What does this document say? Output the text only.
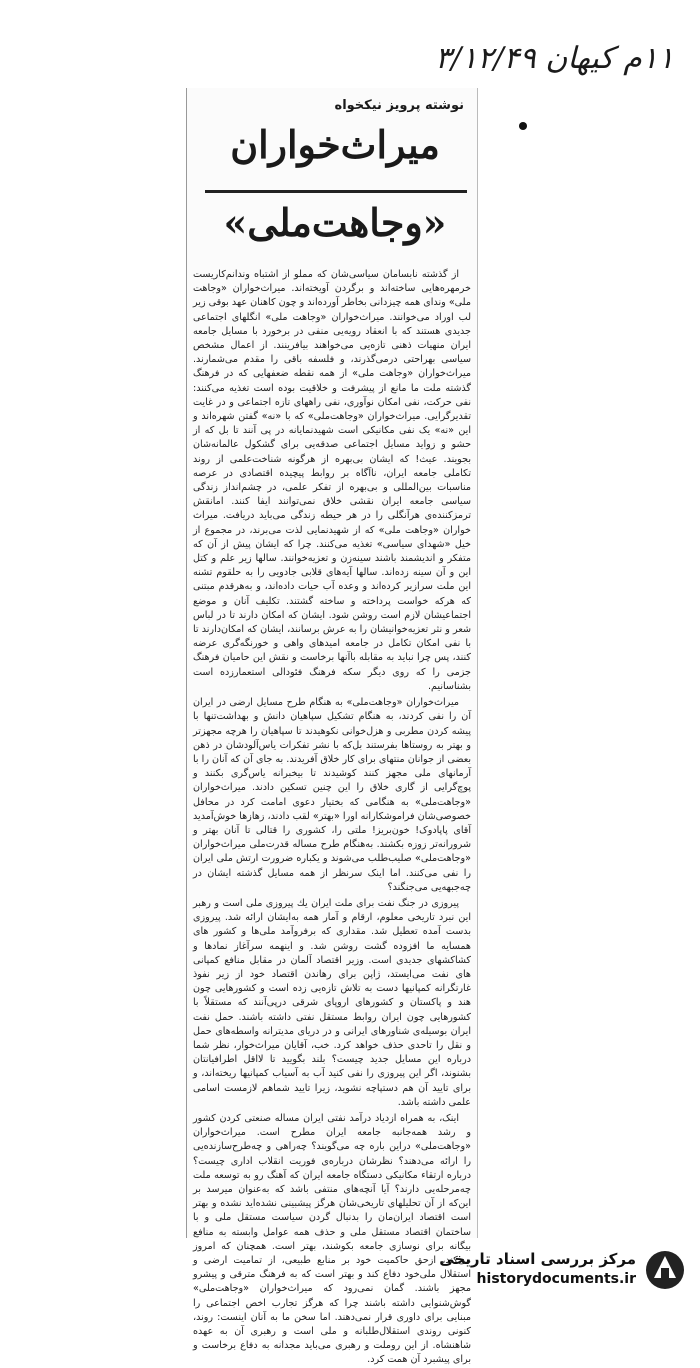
۱۱م کیهان ۳/۱۲/۴۹
نوشته پرویز نیکخواه
میراث‌خواران
«وجاهت‌ملی»

از گذشته نابسامان سیاسی‌شان که مملو از اشتباه وندانم‌کاریست خرمهره‌هایی ساخته‌اند و برگردن آویخته‌اند. میراث‌خواران «وجاهت ملی» وندای همه چیزدانی بخاطر آورده‌اند و چون کاهنان عهد بوقی زیر لب اوراد می‌خوانند. میراث‌خواران «وجاهت ملی» انگلهای اجتماعی جدیدی هستند که با انعقاد رویه‌یی منفی در برخورد با مسایل جامعه ایران منهیات ذهنی تازه‌یی می‌خواهند بیافرینند. از اعمال مشخص سیاسی بهراحتی درمی‌گذرند، و فلسفه باقی را مقدم می‌شمارند. میراث‌خواران «وجاهت ملی» از همه نقطه ضعفهایی که در فرهنگ گذشته ملت ما مانع از پیشرفت و خلاقیت بوده است تغذیه می‌کنند: نفی حرکت، نفی امکان نوآوری، نفی راههای تازه اجتماعی و در غایت تقدیرگرایی. میراث‌خواران «وجاهت‌ملی» که با «نه» گفتن شهره‌اند و این «نه» یک نفی مکانیکی است شهیدنمایانه در پی آنند تا بل که از حشو و زواید مسایل اجتماعی صدقه‌یی برای گشکول عالمانه‌شان بجویند. عیث! که ایشان بی‌بهره از هرگونه شناخت‌علمی از روند تکاملی جامعه ایران، ناآگاه بر روابط پیچیده اقتصادی در عرصه مناسبات بین‌المللی و بی‌بهره از تفکر علمی، در چشم‌انداز زندگی سیاسی جامعه ایران نقشی خلاق نمی‌توانند ایفا کنند. امانقش ترمزکننده‌ی هرآنگلی را در هر حیطه زندگی می‌باید دریافت. میراث خواران «وجاهت ملی» که از شهیدنمایی لذت می‌برند، در مجموع از خیل «شهدای سیاسی» تغذیه می‌کنند. چرا که ایشان پیش از آن که متفکر و اندیشمند باشند سینه‌زن و تعزیه‌خوانند. سالها زیر علم و کتل این و آن سینه زده‌اند. سالها آیه‌های قلابی جادویی را به حلقوم تشنه این ملت سرازیر کرده‌اند و وعده آب حیات داده‌اند، و به‌هرقدم مبتنی که هرکه خواست پرداخته و ساخته گشتند. تکلیف آنان و موضع اجتماعیشان لازم است روشن شود. ایشان که امکان دارند تا در لباس شعر و نثر تعزیه‌خوانیشان را به عرش برسانند، ایشان که امکان‌دارند تا با نفی امکان تکامل در جامعه امیدهای واهی و خورنگه‌گری عرضه کنند، پس چرا نباید به مقابله باآنها برخاست و نقش این حامیان فرهنگ جزمی را که روی دیگر سکه فرهنگ فئودالی استعمارزده است بشناسانیم.

میراث‌خواران «وجاهت‌ملی» به هنگام طرح مسایل ارضی در ایران آن را نفی کردند، به هنگام تشکیل سپاهیان دانش و بهداشت‌تنها با پیشه کردن مطربی و هزل‌خوانی نکوهیدند تا سپاهیان را هرچه مجهزتر و بهتر به روستاها بفرستند بل‌که با نشر تفکرات یاس‌آلودشان در ذهن بعضی از جوانان منتهای برای کار خلاق آفریدند. به جای آن که آنان را با آرمانهای ملی مجهز کنند کوشیدند تا بیخبرانه یاس‌گری بکنند و پوچ‌گرایی از گاری خلاق را این چنین تسکین دادند. میراث‌خواران «وجاهت‌ملی» به هنگامی که بختیار دعوی امامت کرد در محافل خصوصی‌شان فراموشکارانه اورا «بهتر» لقب دادند، زهازها خوش‌آمدید آقای پاپادوک! خون‌بریز! ملتی را، کشوری را قتالی تا آنان بهتر و شرورانه‌تر زوزه بکشند. به‌هنگام طرح مساله قدرت‌ملی میراث‌خواران «وجاهت‌ملی» صلیب‌طلب می‌شوند و یکباره ضرورت ارتش ملی ایران را نفی می‌کنند. اما اینک سرنظر از همه مسایل گذشته ایشان در چه‌جبهه‌یی می‌جنگند؟

پیروزی در جنگ نفت برای ملت ایران یك پیروزی ملی است و رهبر این نبرد تاریخی معلوم، ارقام و آمار همه به‌ایشان ارائه شد. پیروزی بدست آمده تعطیل شد. مقداری که برفروآمد ملی‌ها و کشور های همسایه ما افزوده گشت روشن شد. و اینهمه سرآغاز نمادها و کشاکشهای جدیدی است. وزیر اقتصاد آلمان در مقابل منافع کمپانی های نفت می‌ایستد، ژاپن برای رهاندن اقتصاد خود از زیر نفوذ غارتگرانه کمپانیها دست به تلاش تازه‌یی زده است و کشورهایی چون هند و پاکستان و کشورهای اروپای شرقی درپی‌آنند که مستقلاً با کشورهایی چون ایران روابط مستقل نفتی داشته باشند. حمل نفت ایران بوسیله‌ی شناورهای ایرانی و در دریای مدیترانه واسطه‌های حمل و نقل را تاحدی حذف خواهد کرد. خب، آقایان میراث‌خوار، نظر شما درباره این مسایل جدید چیست؟ بلند بگویید تا لااقل اطرافیانتان بشنوند، اگر این پیروزی را نفی کنید آب به آسیاب کمپانیها ریخته‌اند، و برای تایید آن هم دستپاچه نشوید، زیرا تایید شماهم لازمست اسامی علمی داشته باشد.

اینک، به همراه ازدیاد درآمد نفتی ایران مساله صنعتی کردن کشور و رشد همه‌جانبه جامعه ایران مطرح است. میراث‌خواران «وجاهت‌ملی» دراین باره چه می‌گویند؟ چه‌راهی و چه‌طرح‌سازنده‌یی را ارائه می‌دهند؟ نظرشان درباره‌ی فوریت انقلاب اداری چیست؟ درباره ارتقاء مکانیکی دستگاه جامعه ایران که آهنگ رو به توسعه ملت چه‌مرحله‌یی دارند؟ آیا آنچه‌های منتفی باشد که به‌عنوان میرسد بر این‌که از آن تحلیلهای تاریخی‌شان هرگز پیشبینی نشده‌اید نشده و بهتر است اقتصاد ایران‌مان را بدنبال گردن سیاست مستقل ملی و با ساختمان اقتصاد مستقل ملی و حذف همه عوامل وابسته به منافع بیگانه برای نوسازی جامعه بکوشند، بهتر است. همچنان که امروز می‌کند، ازحق حاکمیت خود بر منابع طبیعی، از تمامیت ارضی و استقلال ملی‌خود دفاع کند و بهتر است که به فرهنگ مترقی و پیشرو مجهز باشند. گمان نمی‌رود که میراث‌خواران «وجاهت‌ملی» گوش‌شنوایی داشته باشند چرا که هرگز تجارب اخص اجتماعی را مبنایی برای داوری قرار نمی‌دهند. اما سخن ما به آنان اینست: روند، کنونی روندی استقلال‌طلبانه و ملی است و رهبری آن به عهده شاهنشاه. از این روملت و رهبری می‌باید مجدانه به دفاع برخاست و برای پیشبرد آن همت کرد.

مرکز بررسی اسناد تاریخی
historydocuments.ir
